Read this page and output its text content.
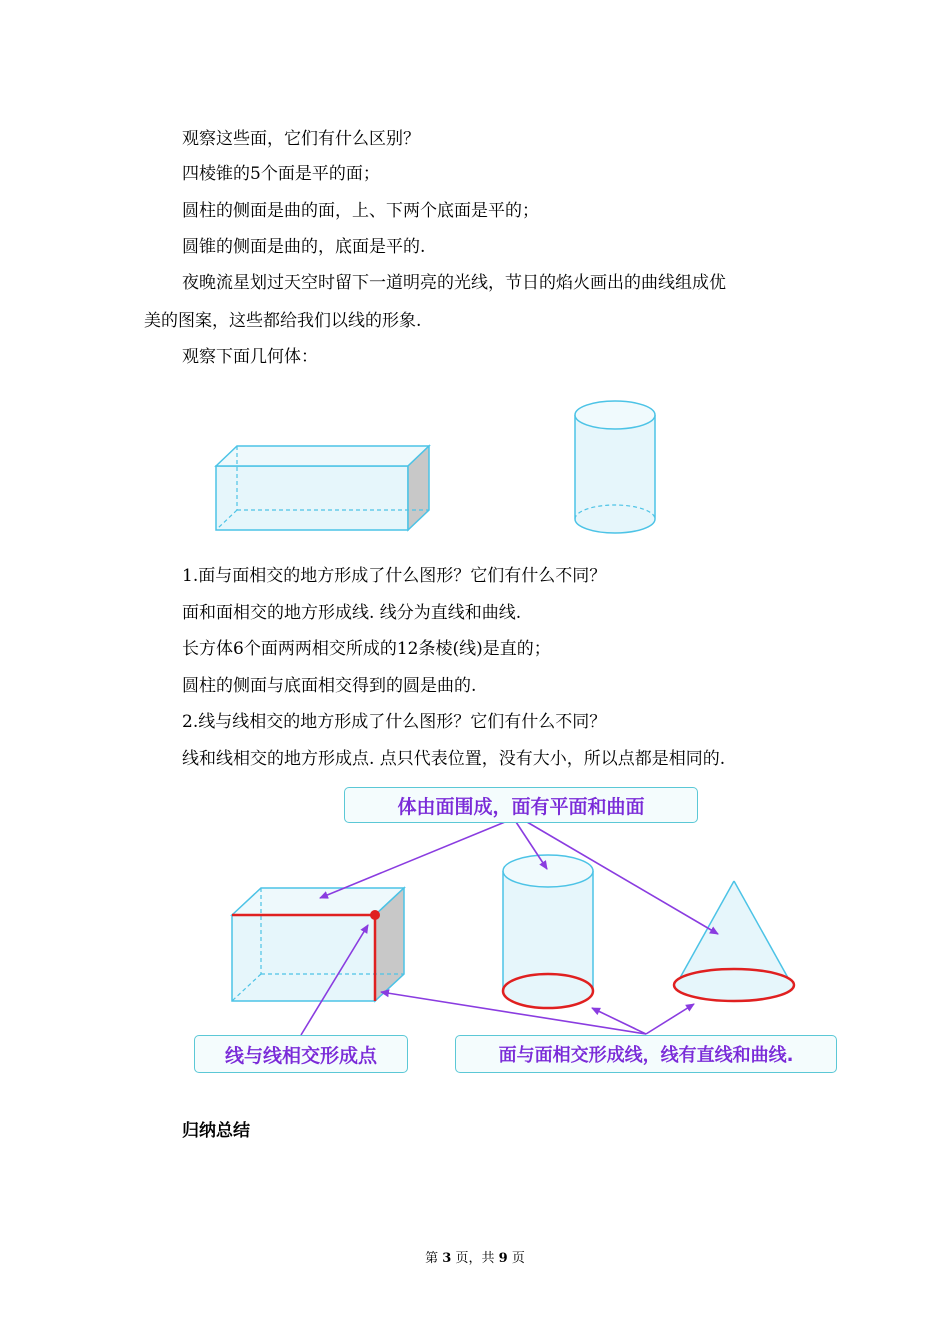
观察这些面，它们有什么区别？
四棱锥的5个面是平的面；
圆柱的侧面是曲的面，上、下两个底面是平的；
圆锥的侧面是曲的，底面是平的.
夜晚流星划过天空时留下一道明亮的光线，节日的焰火画出的曲线组成优
美的图案，这些都给我们以线的形象.
观察下面几何体：
体由面围成，面有平面和曲面
线与线相交形成点	面与面相交形成线，线有直线和曲线.
1.面与面相交的地方形成了什么图形？它们有什么不同？
面和面相交的地方形成线. 线分为直线和曲线.
长方体6个面两两相交所成的12条棱(线)是直的；
圆柱的侧面与底面相交得到的圆是曲的.
2.线与线相交的地方形成了什么图形？它们有什么不同？
线和线相交的地方形成点. 点只代表位置，没有大小，所以点都是相同的.
归纳总结
第 3 页，共 9 页
